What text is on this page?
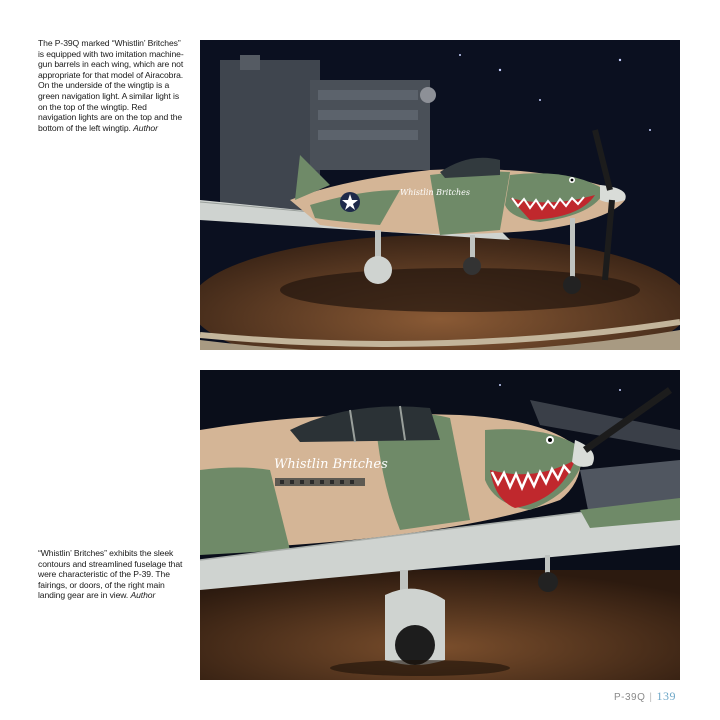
The P-39Q marked “Whistlin’ Britches” is equipped with two imitation machine-gun barrels in each wing, which are not appropriate for that model of Airacobra. On the underside of the wingtip is a green navigation light. A similar light is on the top of the wingtip. Red navigation lights are on the top and the bottom of the left wingtip. Author
Whistlin Britches
Whistlin Britches
“Whistlin’ Britches” exhibits the sleek contours and streamlined fuselage that were characteristic of the P-39. The fairings, or doors, of the right main landing gear are in view. Author
P-39Q | 139
